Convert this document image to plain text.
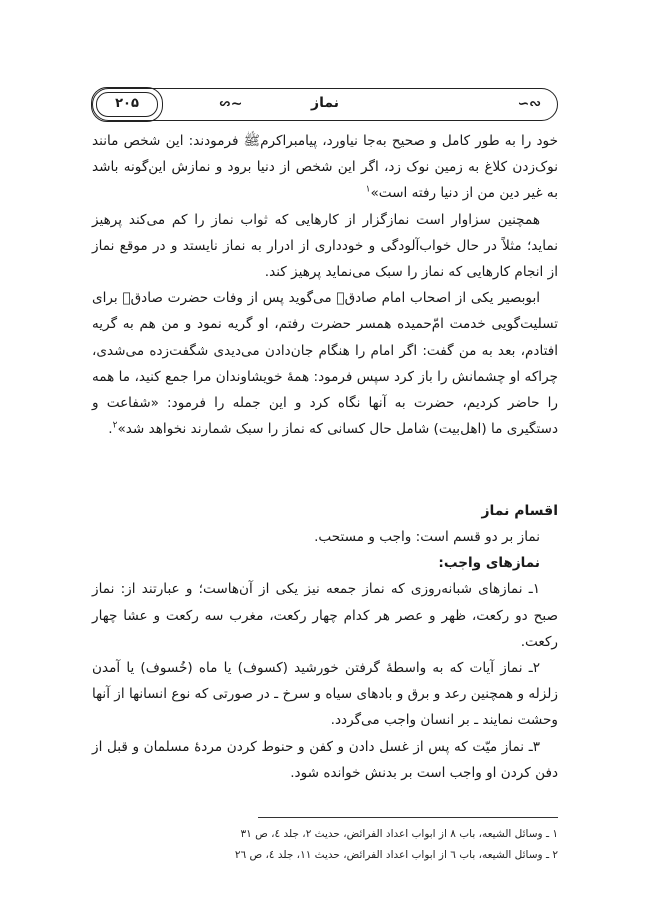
∽∾
نماز
∽∾
۲۰۵

خود را به طور کامل و صحیح به‌جا نیاورد، پیامبراکرمﷺ فرمودند: این شخص مانند نوک‌زدن کلاغ به زمین نوک زد، اگر این شخص از دنیا برود و نمازش این‌گونه باشد به غیر دین من از دنیا رفته است»$^۱$

همچنین سزاوار است نمازگزار از کارهایی که ثواب نماز را کم می‌کند پرهیز نماید؛ مثلاً در حال خواب‌آلودگی و خودداری از ادرار به نماز نایستد و در موقع نماز از انجام کارهایی که نماز را سبک می‌نماید پرهیز کند.

ابوبصیر یکی از اصحاب امام صادقؑ می‌گوید پس از وفات حضرت صادقؑ برای تسلیت‌گویی خدمت امّ‌حمیده همسر حضرت رفتم، او گریه نمود و من هم به گریه افتادم، بعد به من گفت: اگر امام را هنگام جان‌دادن می‌دیدی شگفت‌زده می‌شدی، چراکه او چشمانش را باز کرد سپس فرمود: همهٔ خویشاوندان مرا جمع کنید، ما همه را حاضر کردیم، حضرت به آنها نگاه کرد و این جمله را فرمود: «شفاعت و دستگیری ما (اهل‌بیت) شامل حال کسانی که نماز را سبک شمارند نخواهد شد»$^۲$.

اقسام نماز

نماز بر دو قسم است: واجب و مستحب.

نمازهای واجب:

۱ـ نمازهای شبانه‌روزی که نماز جمعه نیز یکی از آن‌هاست؛ و عبارتند از: نماز صبح دو رکعت، ظهر و عصر هر کدام چهار رکعت، مغرب سه رکعت و عشا چهار رکعت.

۲ـ نماز آیات که به واسطهٔ گرفتن خورشید (کسوف) یا ماه (خُسوف) یا آمدن زلزله و همچنین رعد و برق و بادهای سیاه و سرخ ـ در صورتی که نوع انسانها از آنها وحشت نمایند ـ بر انسان واجب می‌گردد.

۳ـ نماز میّت که پس از غسل دادن و کفن و حنوط کردن مردهٔ مسلمان و قبل از دفن کردن او واجب است بر بدنش خوانده شود.

۱ ـ وسائل الشیعه، باب ۸ از ابواب اعداد الفرائض، حدیث ۲، جلد ٤، ص ۳۱
۲ ـ وسائل الشیعه، باب ٦ از ابواب اعداد الفرائض، حدیث ۱۱، جلد ٤، ص ۲٦
